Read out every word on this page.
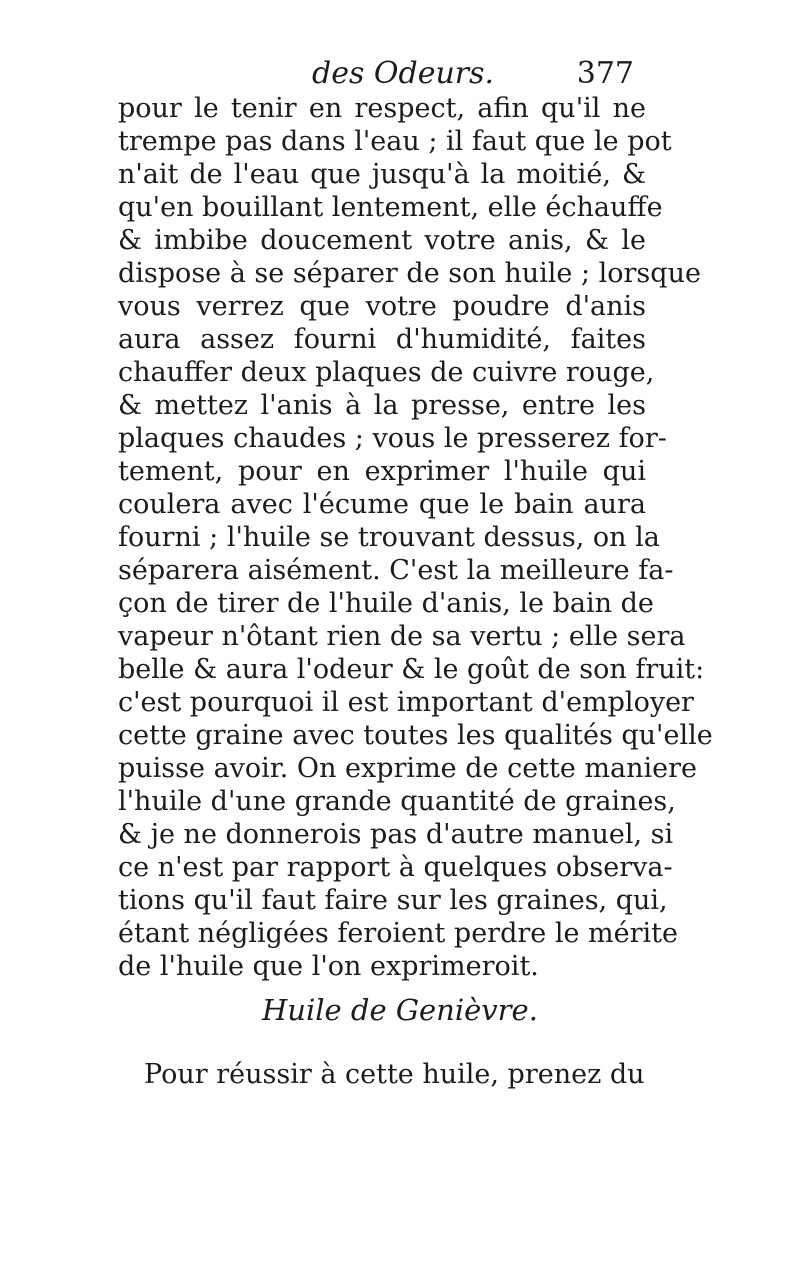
des Odeurs.	377
pour le tenir en respect, afin qu'il ne
trempe pas dans l'eau ; il faut que le pot
n'ait de l'eau que jusqu'à la moitié, &
qu'en bouillant lentement, elle échauffe
& imbibe doucement votre anis, & le
dispose à se séparer de son huile ; lorsque
vous verrez que votre poudre d'anis
aura assez fourni d'humidité, faites
chauffer deux plaques de cuivre rouge,
& mettez l'anis à la presse, entre les
plaques chaudes ; vous le presserez for-
tement, pour en exprimer l'huile qui
coulera avec l'écume que le bain aura
fourni ; l'huile se trouvant dessus, on la
séparera aisément. C'est la meilleure fa-
çon de tirer de l'huile d'anis, le bain de
vapeur n'ôtant rien de sa vertu ; elle sera
belle & aura l'odeur & le goût de son fruit:
c'est pourquoi il est important d'employer
cette graine avec toutes les qualités qu'elle
puisse avoir. On exprime de cette maniere
l'huile d'une grande quantité de graines,
& je ne donnerois pas d'autre manuel, si
ce n'est par rapport à quelques observa-
tions qu'il faut faire sur les graines, qui,
étant négligées feroient perdre le mérite
de l'huile que l'on exprimeroit.
Huile de Genièvre.
Pour réussir à cette huile, prenez du
